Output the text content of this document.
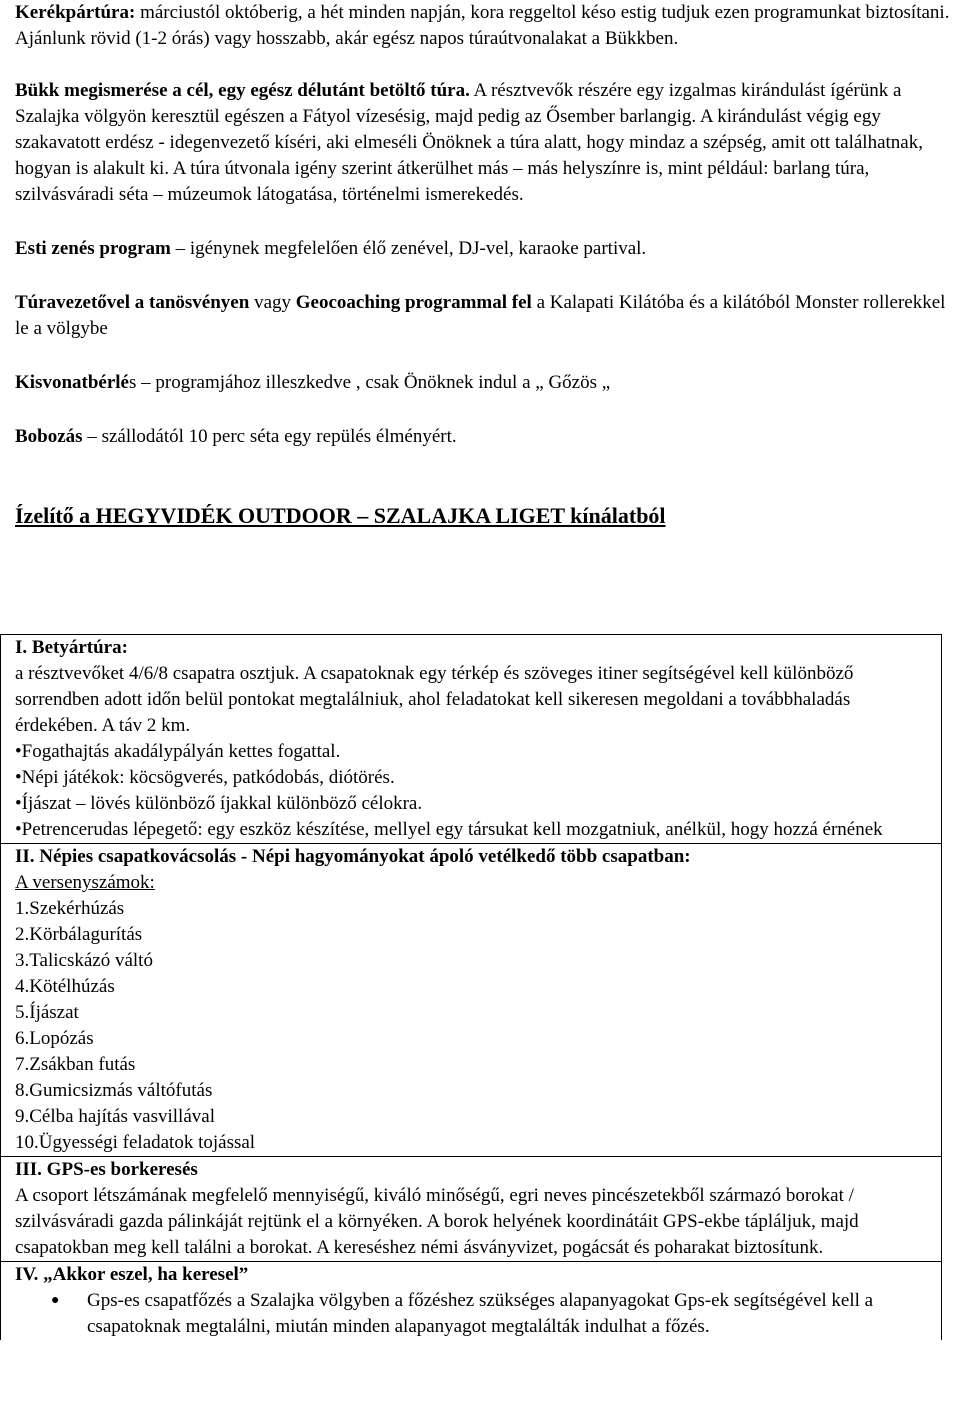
Kerékpártúra: márciustól októberig, a hét minden napján, kora reggeltol késo estig tudjuk ezen programunkat biztosítani.

Ajánlunk rövid (1-2 órás) vagy hosszabb, akár egész napos túraútvonalakat a Bükkben.

Bükk megismerése a cél, egy egész délutánt betöltő túra. A résztvevők részére egy izgalmas kirándulást ígérünk a Szalajka völgyön keresztül egészen a Fátyol vízesésig, majd pedig az Ősember barlangig. A kirándulást végig egy szakavatott erdész - idegenvezető kíséri, aki elmeséli Önöknek a túra alatt, hogy mindaz a szépség, amit ott találhatnak, hogyan is alakult ki. A túra útvonala igény szerint átkerülhet más – más helyszínre is, mint például: barlang túra, szilvásváradi séta – múzeumok látogatása, történelmi ismerekedés.

Esti zenés program – igénynek megfelelően élő zenével, DJ-vel, karaoke partival.

Túravezetővel a tanösvényen vagy Geocoaching programmal fel a Kalapati Kilátóba és a kilátóból Monster rollerekkel le a völgybe

Kisvonatbérlés – programjához illeszkedve , csak Önöknek indul a „ Gőzös „

Bobozás – szállodától 10 perc séta egy repülés élményért.

Ízelítő a HEGYVIDÉK OUTDOOR – SZALAJKA LIGET kínálatból

I. Betyártúra:
a résztvevőket 4/6/8 csapatra osztjuk. A csapatoknak egy térkép és szöveges itiner segítségével kell különböző sorrendben adott időn belül pontokat megtalálniuk, ahol feladatokat kell sikeresen megoldani a továbbhaladás érdekében. A táv 2 km.
•Fogathajtás akadálypályán kettes fogattal.
•Népi játékok: köcsögverés, patkódobás, diótörés.
•Íjászat – lövés különböző íjakkal különböző célokra.
•Petrencerudas lépegető: egy eszköz készítése, mellyel egy társukat kell mozgatniuk, anélkül, hogy hozzá érnének
II. Népies csapatkovácsolás - Népi hagyományokat ápoló vetélkedő több csapatban:
A versenyszámok:
1.Szekérhúzás
2.Körbálagurítás
3.Talicskázó váltó
4.Kötélhúzás
5.Íjászat
6.Lopózás
7.Zsákban futás
8.Gumicsizmás váltófutás
9.Célba hajítás vasvillával
10.Ügyességi feladatok tojással
III. GPS-es borkeresés
A csoport létszámának megfelelő mennyiségű, kiváló minőségű, egri neves pincészetekből származó borokat / szilvásváradi gazda pálinkáját rejtünk el a környéken. A borok helyének koordinátáit GPS-ekbe tápláljuk, majd csapatokban meg kell találni a borokat. A kereséshez némi ásványvizet, pogácsát és poharakat biztosítunk.
IV. „Akkor eszel, ha keresel”
● Gps-es csapatfőzés a Szalajka völgyben a főzéshez szükséges alapanyagokat Gps-ek segítségével kell a csapatoknak megtalálni, miután minden alapanyagot megtalálták indulhat a főzés.
